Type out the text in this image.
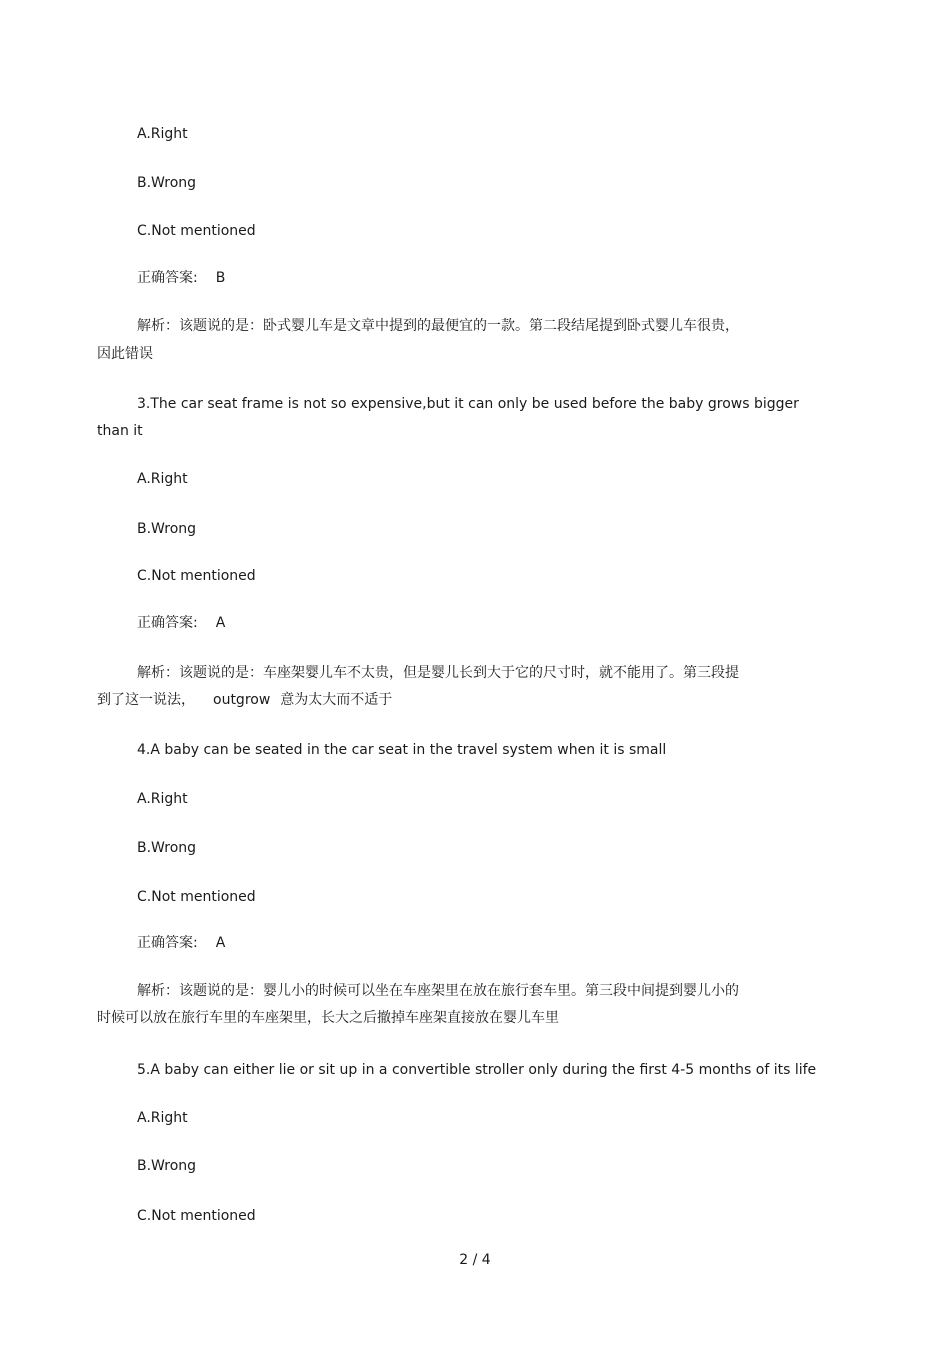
A.Right
B.Wrong
C.Not mentioned
正确答案: B
解析：该题说的是：卧式婴儿车是文章中提到的最便宜的一款。第二段结尾提到卧式婴儿车很贵，
因此错误
3.The car seat frame is not so expensive,but it can only be used before the baby grows bigger
than it
A.Right
B.Wrong
C.Not mentioned
正确答案: A
解析：该题说的是：车座架婴儿车不太贵，但是婴儿长到大于它的尺寸时，就不能用了。第三段提
到了这一说法， outgrow 意为太大而不适于
4.A baby can be seated in the car seat in the travel system when it is small
A.Right
B.Wrong
C.Not mentioned
正确答案: A
解析：该题说的是：婴儿小的时候可以坐在车座架里在放在旅行套车里。第三段中间提到婴儿小的
时候可以放在旅行车里的车座架里，长大之后撤掉车座架直接放在婴儿车里
5.A baby can either lie or sit up in a convertible stroller only during the first 4-5 months of its life
A.Right
B.Wrong
C.Not mentioned
2 / 4
